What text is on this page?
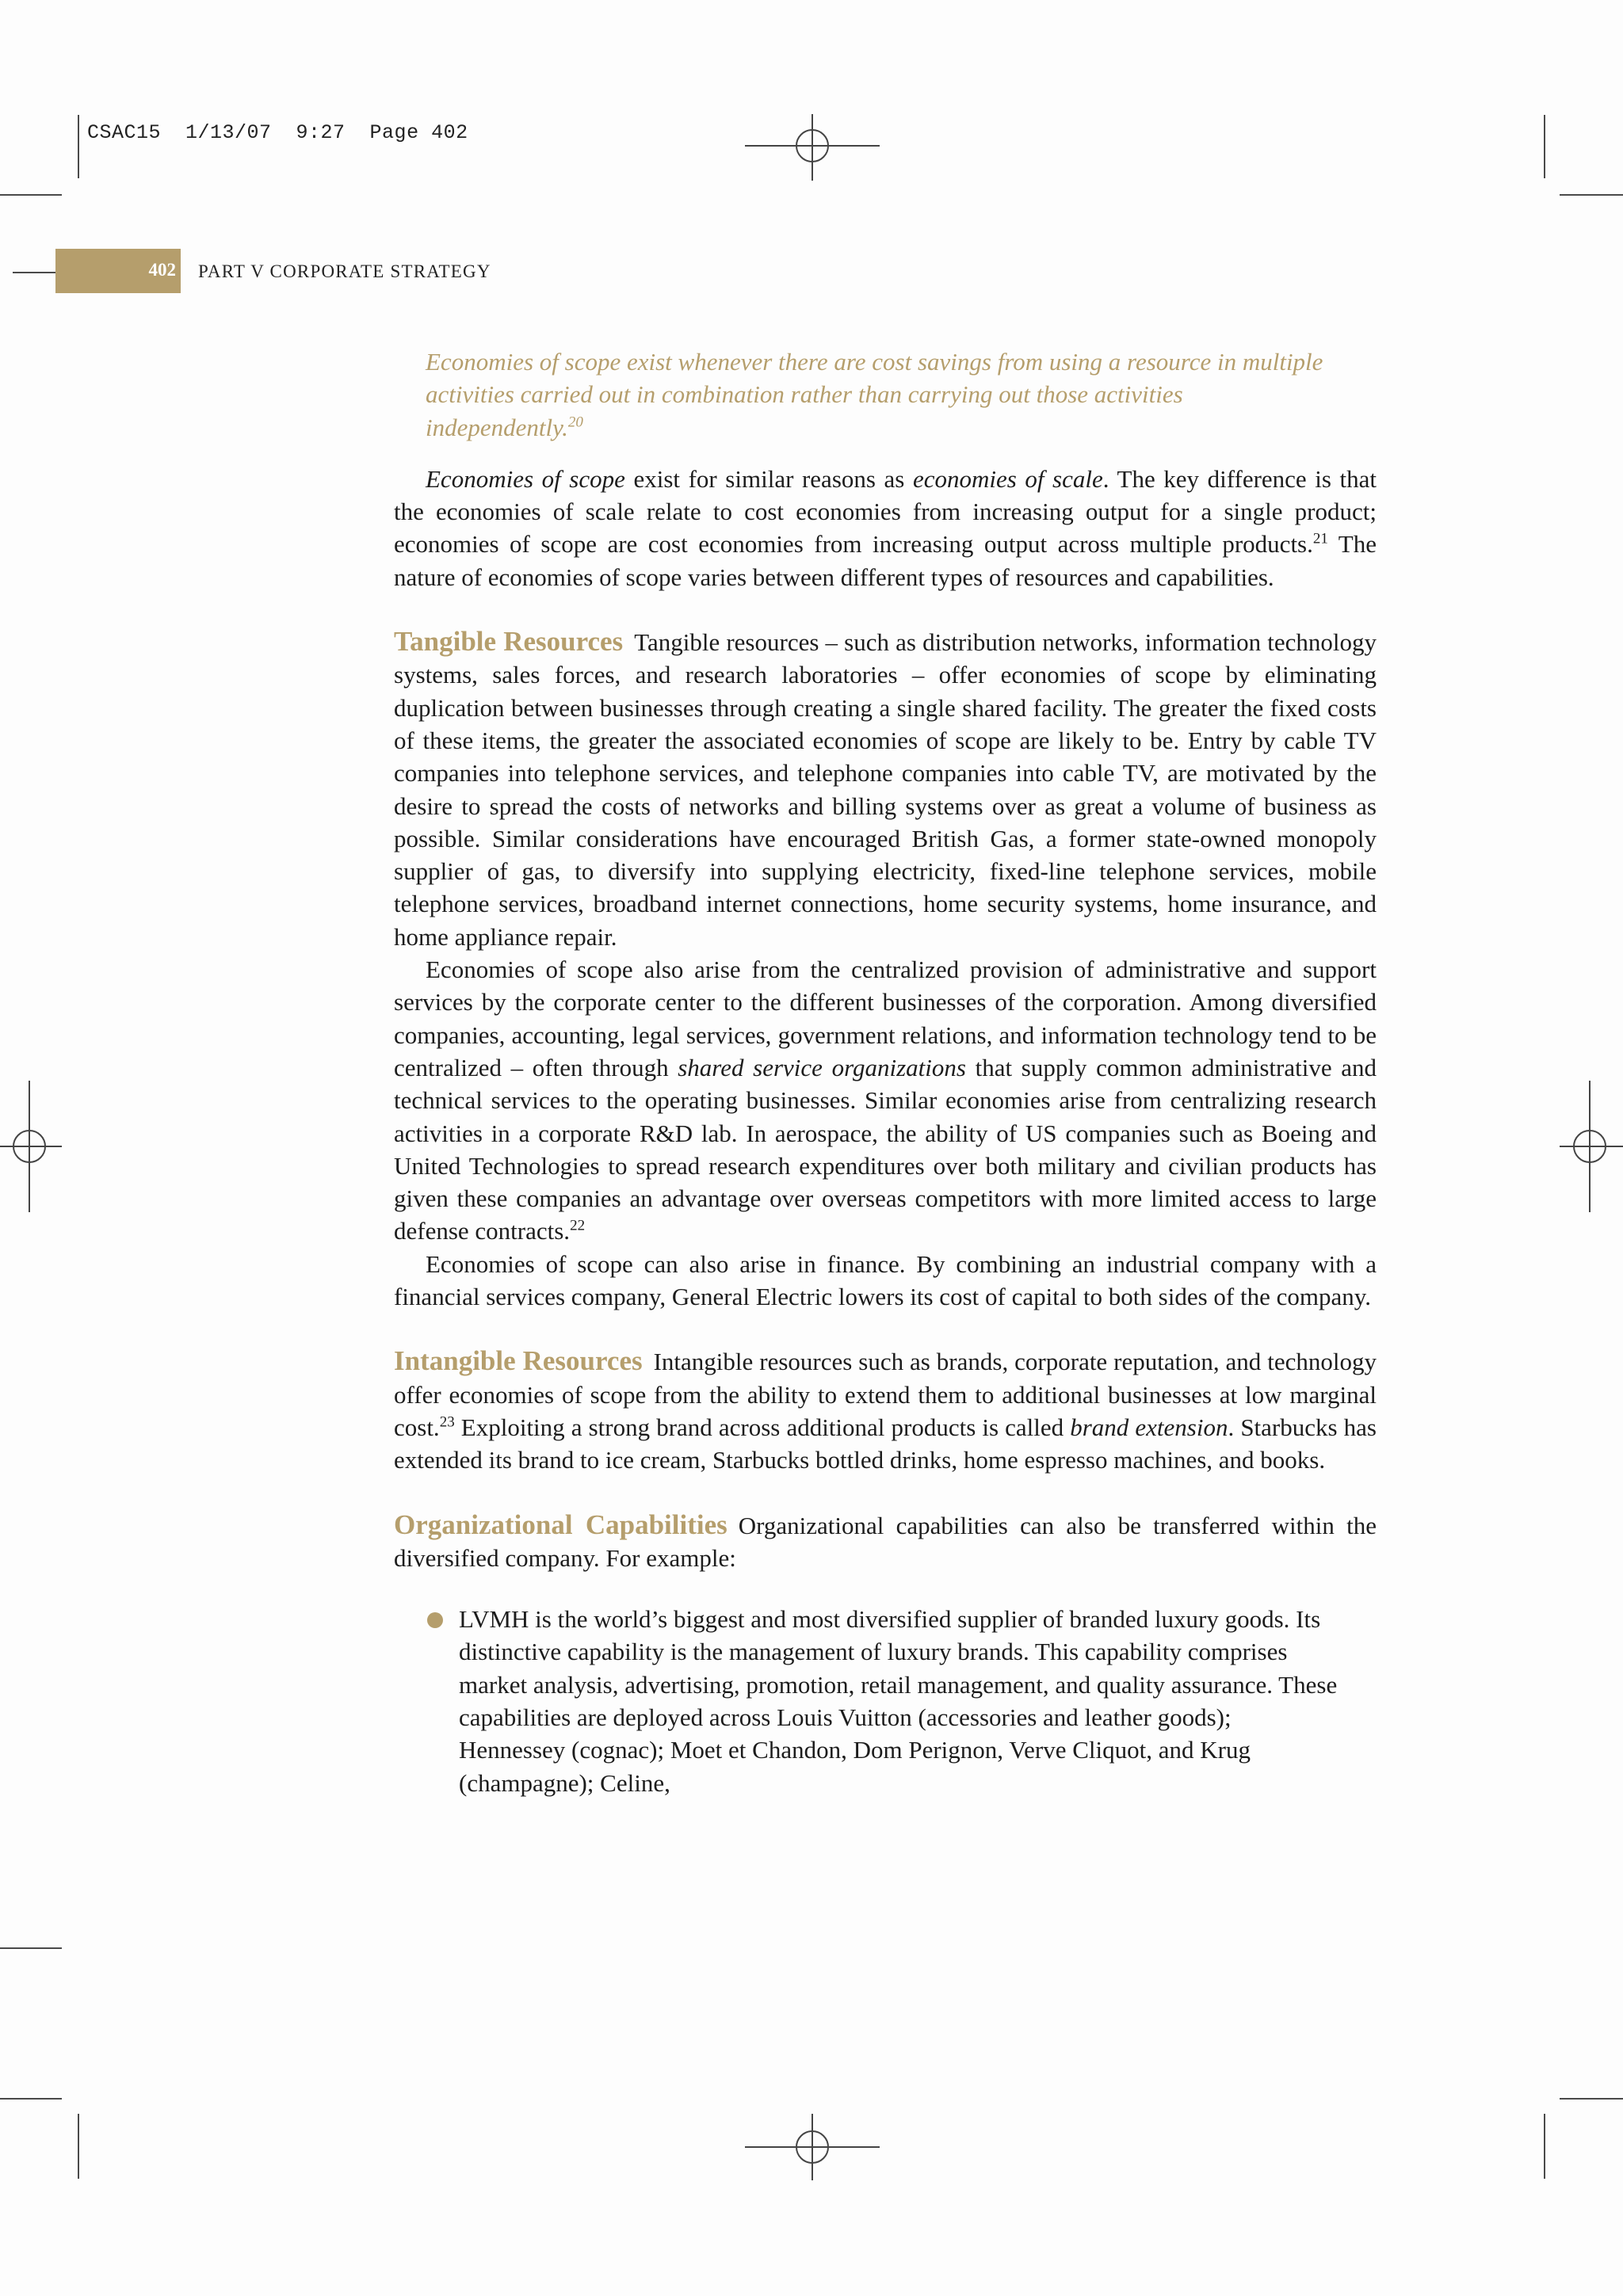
CSAC15  1/13/07  9:27  Page 402
402 PART V CORPORATE STRATEGY

Economies of scope exist whenever there are cost savings from using a resource in multiple activities carried out in combination rather than carrying out those activities independently.$^{20}$

Economies of scope exist for similar reasons as economies of scale. The key difference is that the economies of scale relate to cost economies from increasing output for a single product; economies of scope are cost economies from increasing output across multiple products.$^{21}$ The nature of economies of scope varies between different types of resources and capabilities.

Tangible Resources Tangible resources – such as distribution networks, information technology systems, sales forces, and research laboratories – offer economies of scope by eliminating duplication between businesses through creating a single shared facility. The greater the fixed costs of these items, the greater the associated economies of scope are likely to be. Entry by cable TV companies into telephone services, and telephone companies into cable TV, are motivated by the desire to spread the costs of networks and billing systems over as great a volume of business as possible. Similar considerations have encouraged British Gas, a former state-owned monopoly supplier of gas, to diversify into supplying electricity, fixed-line telephone services, mobile telephone services, broadband internet connections, home security systems, home insurance, and home appliance repair.

Economies of scope also arise from the centralized provision of administrative and support services by the corporate center to the different businesses of the corporation. Among diversified companies, accounting, legal services, government relations, and information technology tend to be centralized – often through shared service organizations that supply common administrative and technical services to the operating businesses. Similar economies arise from centralizing research activities in a corporate R&D lab. In aerospace, the ability of US companies such as Boeing and United Technologies to spread research expenditures over both military and civilian products has given these companies an advantage over overseas competitors with more limited access to large defense contracts.$^{22}$

Economies of scope can also arise in finance. By combining an industrial company with a financial services company, General Electric lowers its cost of capital to both sides of the company.

Intangible Resources Intangible resources such as brands, corporate reputation, and technology offer economies of scope from the ability to extend them to additional businesses at low marginal cost.$^{23}$ Exploiting a strong brand across additional products is called brand extension. Starbucks has extended its brand to ice cream, Starbucks bottled drinks, home espresso machines, and books.

Organizational Capabilities Organizational capabilities can also be transferred within the diversified company. For example:

LVMH is the world’s biggest and most diversified supplier of branded luxury goods. Its distinctive capability is the management of luxury brands. This capability comprises market analysis, advertising, promotion, retail management, and quality assurance. These capabilities are deployed across Louis Vuitton (accessories and leather goods); Hennessey (cognac); Moet et Chandon, Dom Perignon, Verve Cliquot, and Krug (champagne); Celine,
